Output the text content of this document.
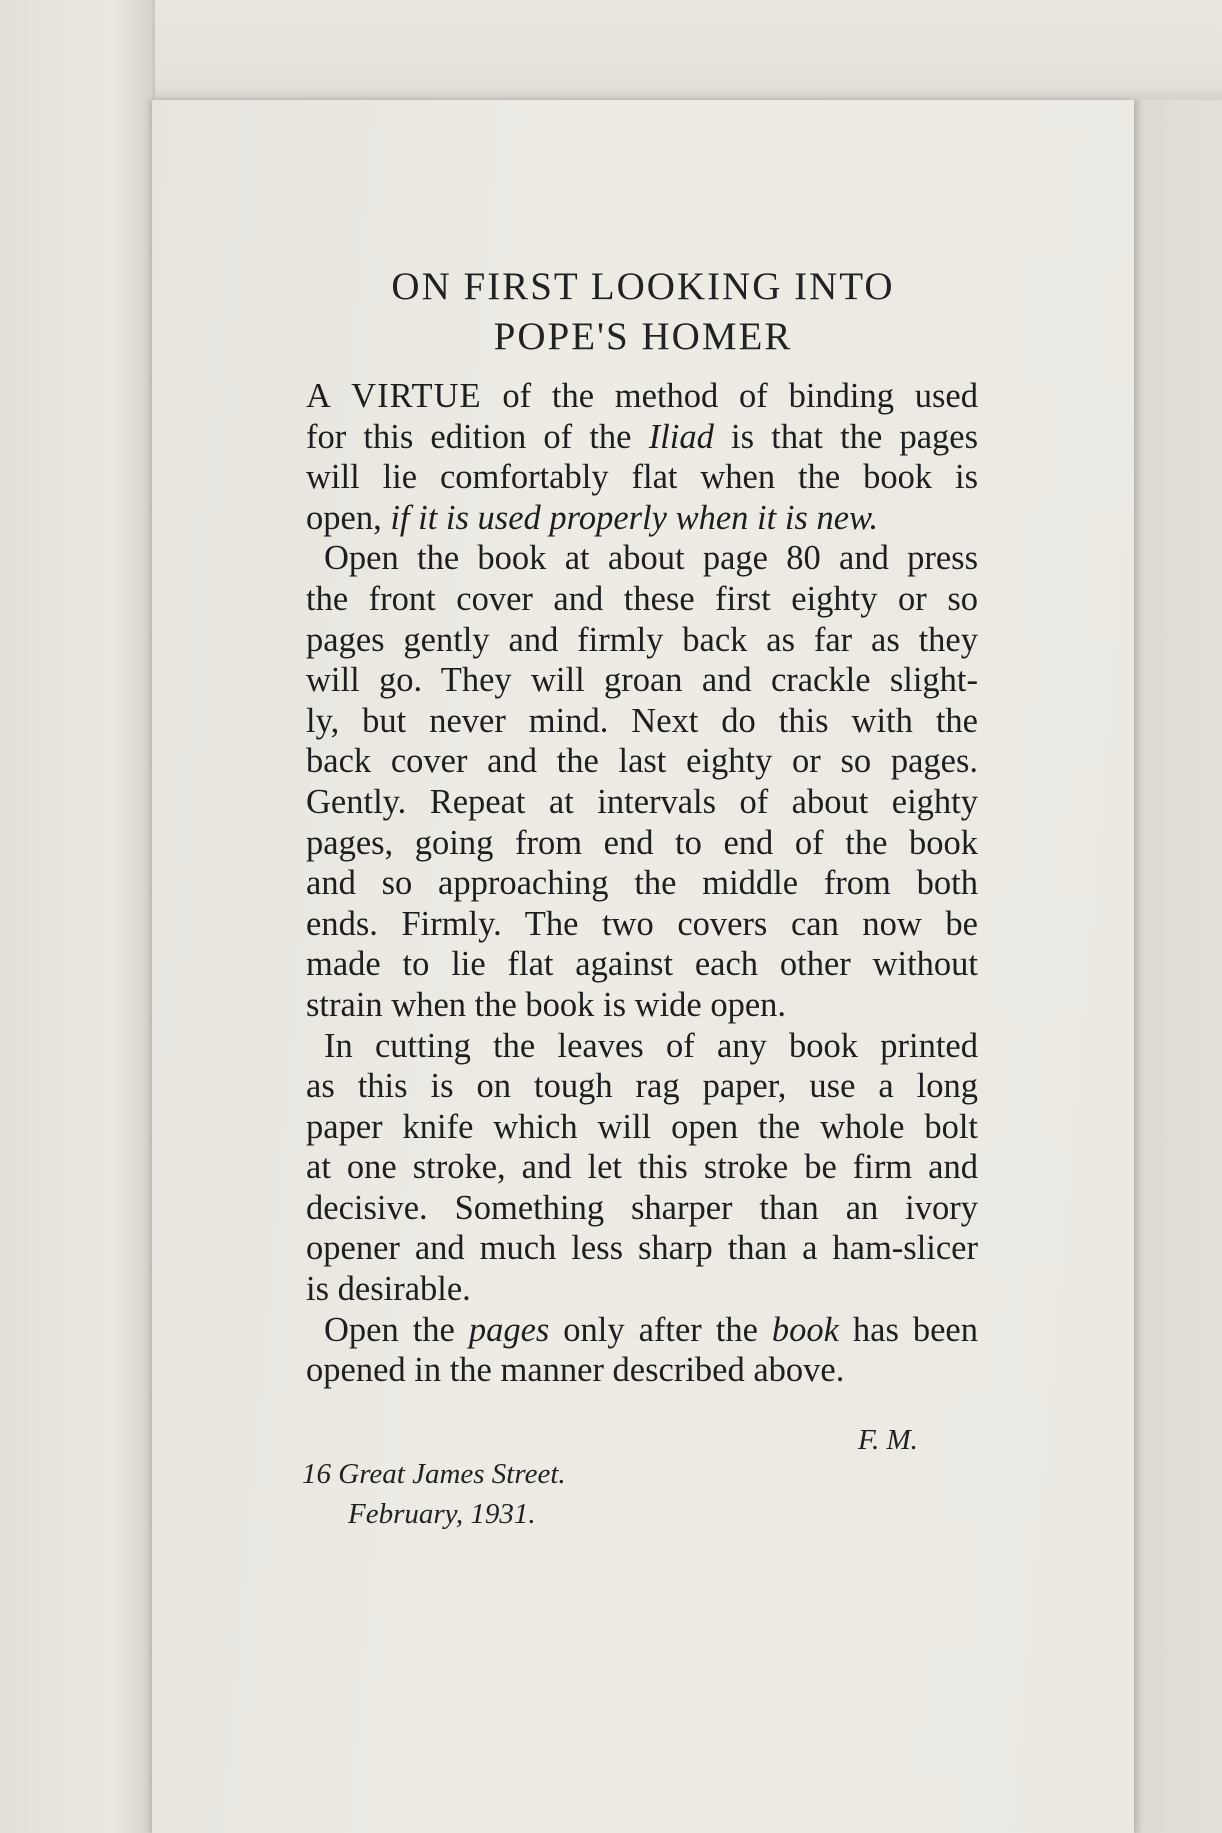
ON FIRST LOOKING INTO
POPE'S HOMER

A VIRTUE of the method of binding used
for this edition of the Iliad is that the pages
will lie comfortably flat when the book is
open, if it is used properly when it is new.

Open the book at about page 80 and press
the front cover and these first eighty or so
pages gently and firmly back as far as they
will go. They will groan and crackle slight-
ly, but never mind. Next do this with the
back cover and the last eighty or so pages.
Gently. Repeat at intervals of about eighty
pages, going from end to end of the book
and so approaching the middle from both
ends. Firmly. The two covers can now be
made to lie flat against each other without
strain when the book is wide open.

In cutting the leaves of any book printed
as this is on tough rag paper, use a long
paper knife which will open the whole bolt
at one stroke, and let this stroke be firm and
decisive. Something sharper than an ivory
opener and much less sharp than a ham-slicer
is desirable.

Open the pages only after the book has been
opened in the manner described above.

F. M.
16 Great James Street.
February, 1931.
